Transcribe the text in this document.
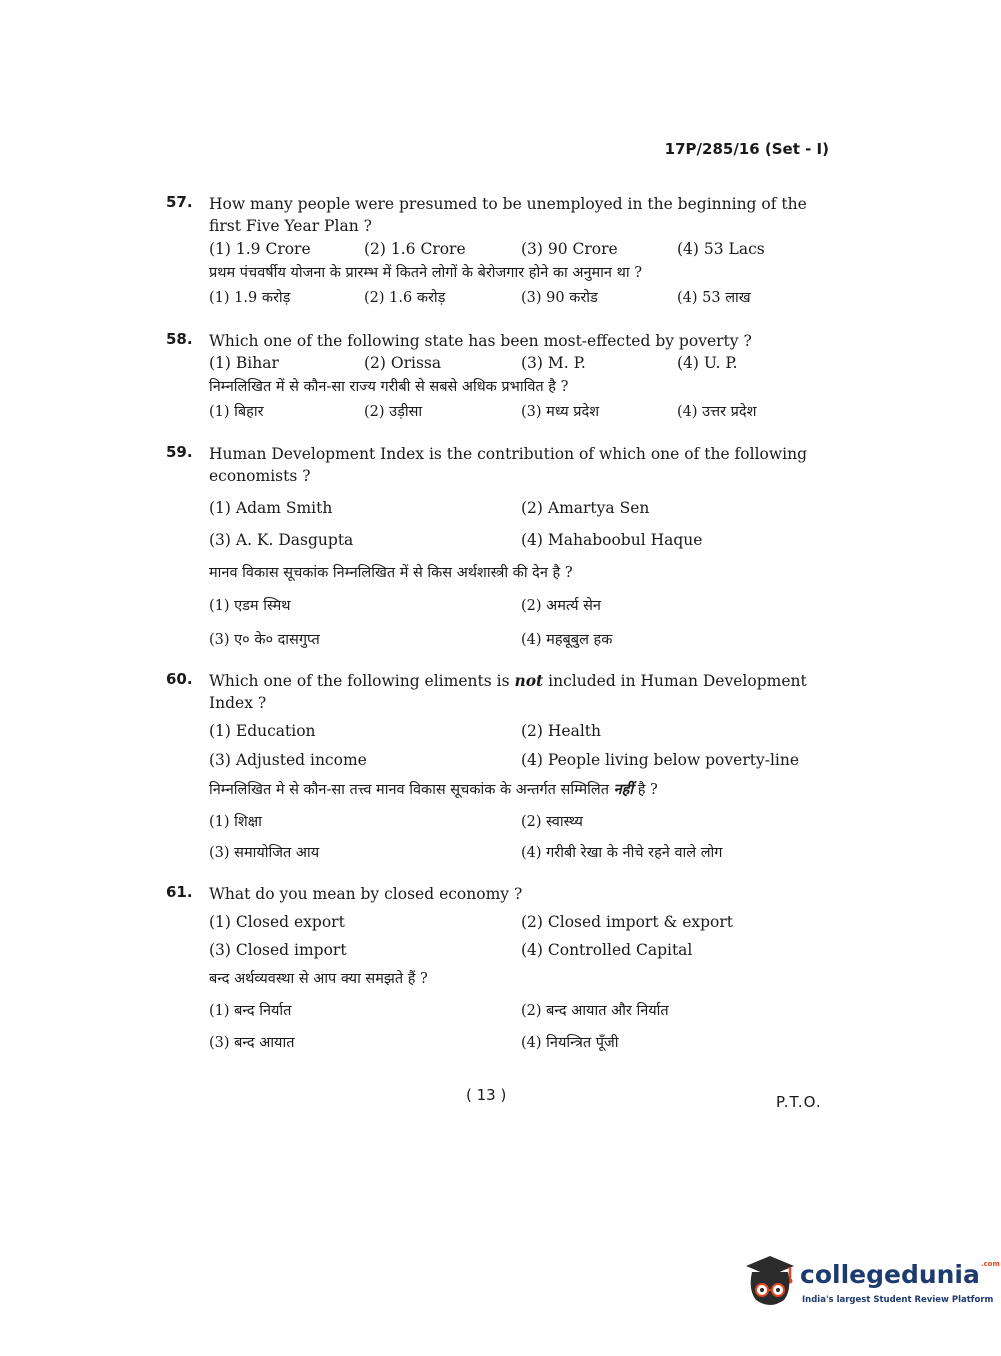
17P/285/16 (Set - I)
57. How many people were presumed to be unemployed in the beginning of the first Five Year Plan ?
(1) 1.9 Crore	(2) 1.6 Crore	(3) 90 Crore	(4) 53 Lacs
प्रथम पंचवर्षीय योजना के प्रारम्भ में कितने लोगों के बेरोजगार होने का अनुमान था ?
(1) 1.9 करोड़	(2) 1.6 करोड़	(3) 90 करोड	(4) 53 लाख
58. Which one of the following state has been most-effected by poverty ?
(1) Bihar	(2) Orissa	(3) M. P.	(4) U. P.
निम्नलिखित में से कौन-सा राज्य गरीबी से सबसे अधिक प्रभावित है ?
(1) बिहार	(2) उड़ीसा	(3) मध्य प्रदेश	(4) उत्तर प्रदेश
59. Human Development Index is the contribution of which one of the following economists ?
(1) Adam Smith	(2) Amartya Sen
(3) A. K. Dasgupta	(4) Mahaboobul Haque
मानव विकास सूचकांक निम्नलिखित में से किस अर्थशास्त्री की देन है ?
(1) एडम स्मिथ	(2) अमर्त्य सेन
(3) ए० के० दासगुप्त	(4) महबूबुल हक
60. Which one of the following eliments is not included in Human Development Index ?
(1) Education	(2) Health
(3) Adjusted income	(4) People living below poverty-line
निम्नलिखित मे से कौन-सा तत्त्व मानव विकास सूचकांक के अन्तर्गत सम्मिलित नहीं है ?
(1) शिक्षा	(2) स्वास्थ्य
(3) समायोजित आय	(4) गरीबी रेखा के नीचे रहने वाले लोग
61. What do you mean by closed economy ?
(1) Closed export	(2) Closed import & export
(3) Closed import	(4) Controlled Capital
बन्द अर्थव्यवस्था से आप क्या समझते हैं ?
(1) बन्द निर्यात	(2) बन्द आयात और निर्यात
(3) बन्द आयात	(4) नियन्त्रित पूँजी
( 13 )	P.T.O.
collegedunia$^{.com}$
India's largest Student Review Platform
